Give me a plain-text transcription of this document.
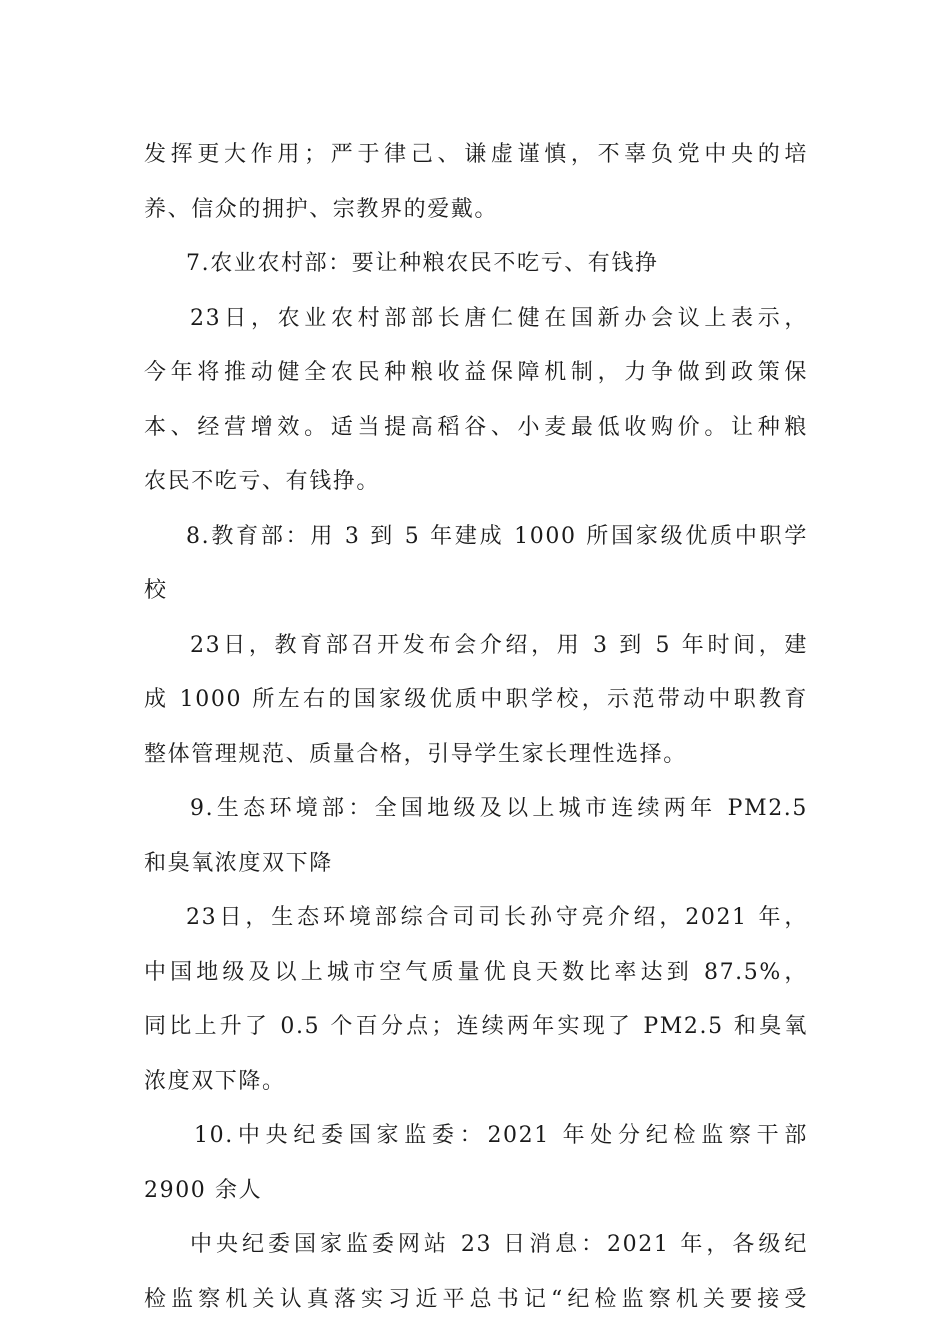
发挥更大作用；严于律己、谦虚谨慎，不辜负党中央的培
养、信众的拥护、宗教界的爱戴。
7.农业农村部：要让种粮农民不吃亏、有钱挣
23日，农业农村部部长唐仁健在国新办会议上表示，
今年将推动健全农民种粮收益保障机制，力争做到政策保
本、经营增效。适当提高稻谷、小麦最低收购价。让种粮
农民不吃亏、有钱挣。
8.教育部：用 3 到 5 年建成 1000 所国家级优质中职学
校
23日，教育部召开发布会介绍，用 3 到 5 年时间，建
成 1000 所左右的国家级优质中职学校，示范带动中职教育
整体管理规范、质量合格，引导学生家长理性选择。
9.生态环境部：全国地级及以上城市连续两年 PM2.5
和臭氧浓度双下降
23日，生态环境部综合司司长孙守亮介绍，2021 年，
中国地级及以上城市空气质量优良天数比率达到 87.5%，
同比上升了 0.5 个百分点；连续两年实现了 PM2.5 和臭氧
浓度双下降。
10.中央纪委国家监委：2021 年处分纪检监察干部
2900 余人
中央纪委国家监委网站 23 日消息：2021 年，各级纪
检监察机关认真落实习近平总书记“纪检监察机关要接受
